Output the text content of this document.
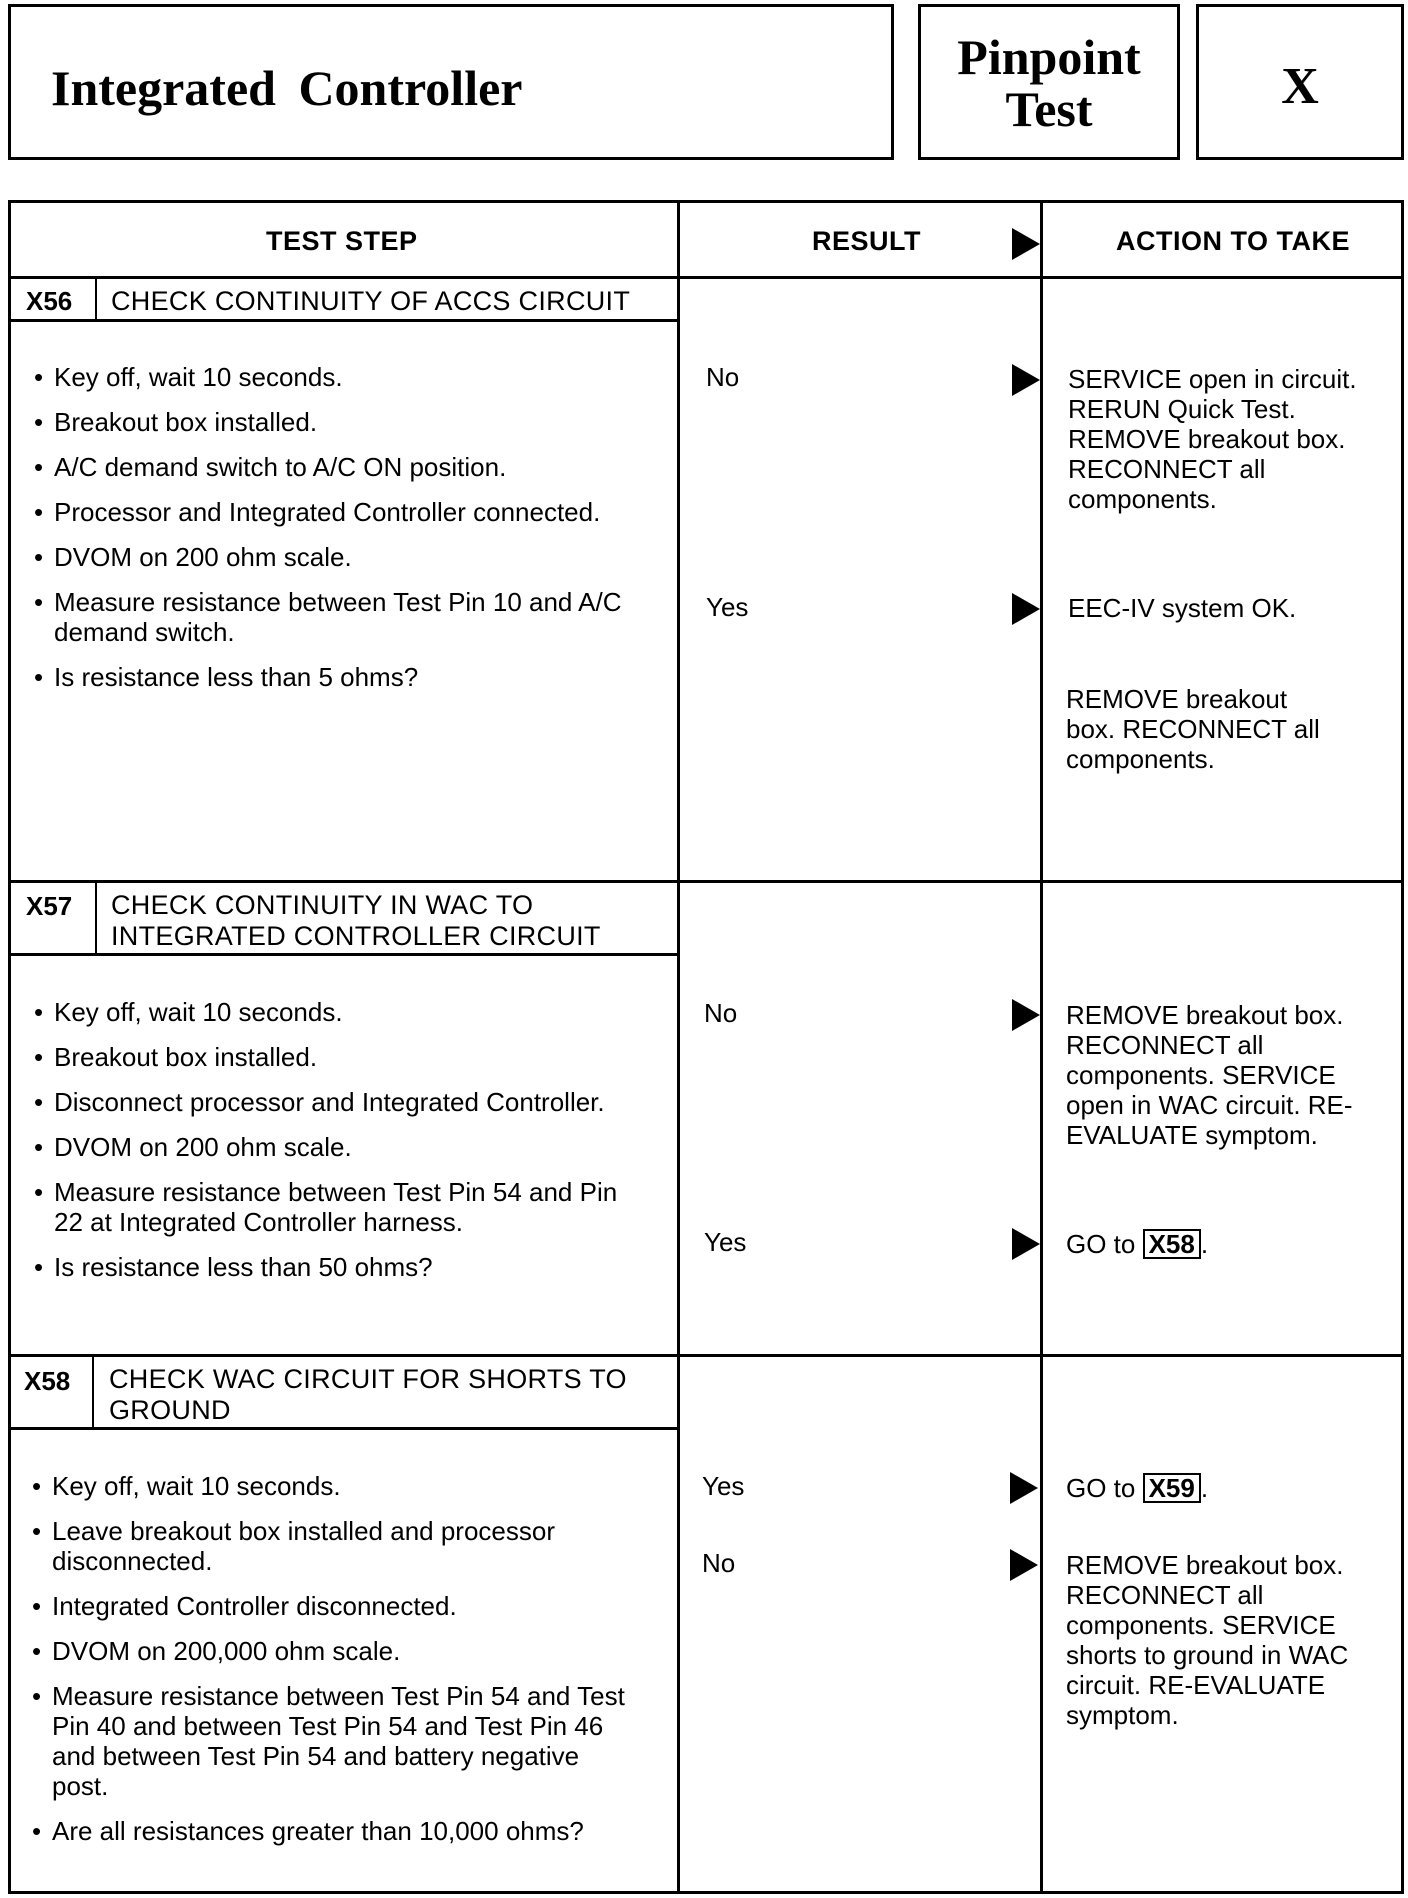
Integrated Controller
Pinpoint
Test	X
TEST STEP	RESULT	ACTION TO TAKE
X56 CHECK CONTINUITY OF ACCS CIRCUIT
• Key off, wait 10 seconds.
• Breakout box installed.
• A/C demand switch to A/C ON position.
• Processor and Integrated Controller connected.
• DVOM on 200 ohm scale.
• Measure resistance between Test Pin 10 and A/C demand switch.
• Is resistance less than 5 ohms?
No	SERVICE open in circuit. RERUN Quick Test. REMOVE breakout box. RECONNECT all components.
Yes	EEC-IV system OK.
REMOVE breakout box. RECONNECT all components.
X57 CHECK CONTINUITY IN WAC TO
INTEGRATED CONTROLLER CIRCUIT
• Key off, wait 10 seconds.
• Breakout box installed.
• Disconnect processor and Integrated Controller.
• DVOM on 200 ohm scale.
• Measure resistance between Test Pin 54 and Pin 22 at Integrated Controller harness.
• Is resistance less than 50 ohms?
No	REMOVE breakout box. RECONNECT all components. SERVICE open in WAC circuit. RE-EVALUATE symptom.
Yes	GO to X58 .
X58 CHECK WAC CIRCUIT FOR SHORTS TO
GROUND
• Key off, wait 10 seconds.
• Leave breakout box installed and processor disconnected.
• Integrated Controller disconnected.
• DVOM on 200,000 ohm scale.
• Measure resistance between Test Pin 54 and Test Pin 40 and between Test Pin 54 and Test Pin 46 and between Test Pin 54 and battery negative post.
• Are all resistances greater than 10,000 ohms?
Yes	GO to X59 .
No	REMOVE breakout box. RECONNECT all components. SERVICE shorts to ground in WAC circuit. RE-EVALUATE symptom.
